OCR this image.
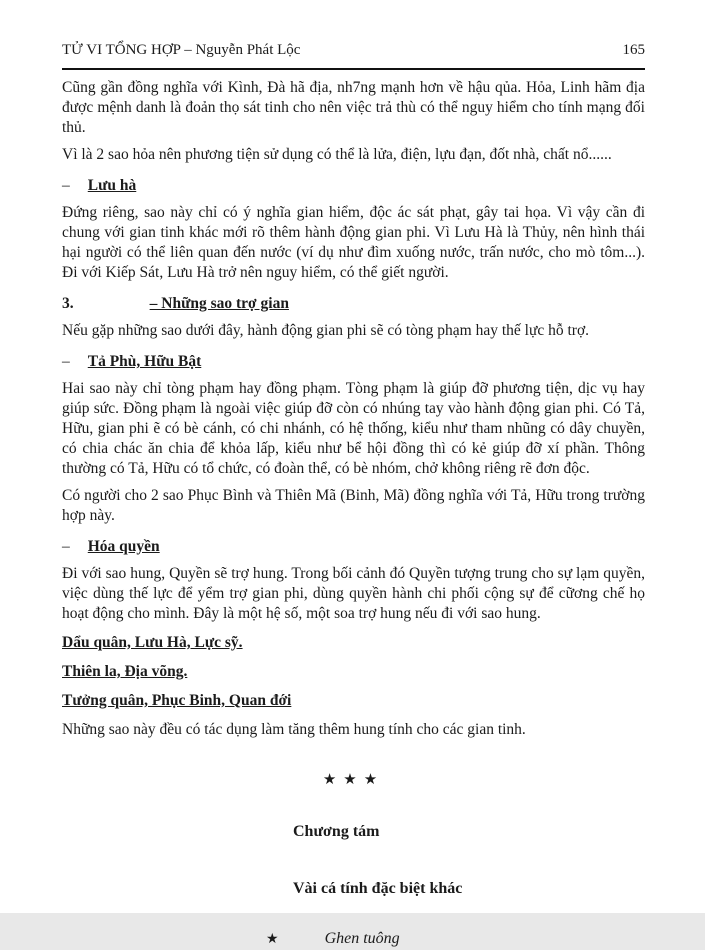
TỬ VI TỔNG HỢP – Nguyễn Phát Lộc	165

Cũng gần đồng nghĩa với Kình, Đà hã địa, nh7ng mạnh hơn về hậu qủa. Hỏa, Linh hãm địa được mệnh danh là đoản thọ sát tinh cho nên việc trả thù có thể nguy hiểm cho tính mạng đối thủ.

Vì là 2 sao hỏa nên phương tiện sử dụng có thể là lửa, điện, lựu đạn, đốt nhà, chất nổ......

– Lưu hà

Đứng riêng, sao này chỉ có ý nghĩa gian hiểm, độc ác sát phạt, gây tai họa. Vì vậy cần đi chung với gian tinh khác mới rõ thêm hành động gian phi. Vì Lưu Hà là Thủy, nên hình thái hại người có thể liên quan đến nước (ví dụ như đìm xuống nước, trấn nước, cho mò tôm...). Đi với Kiếp Sát, Lưu Hà trở nên nguy hiểm, có thể giết người.

3.	– Những sao trợ gian

Nếu gặp những sao dưới đây, hành động gian phi sẽ có tòng phạm hay thế lực hỗ trợ.

– Tả Phù, Hữu Bật

Hai sao này chỉ tòng phạm hay đồng phạm. Tòng phạm là giúp đỡ phương tiện, dịc vụ hay giúp sức. Đồng phạm là ngoài việc giúp đỡ còn có nhúng tay vào hành động gian phi. Có Tả, Hữu, gian phi ẽ có bè cánh, có chi nhánh, có hệ thống, kiểu như tham nhũng có dây chuyền, có chia chác ăn chia để khỏa lấp, kiểu như bể hội đồng thì có kẻ giúp đỡ xí phần. Thông thường có Tả, Hữu có tổ chức, có đoàn thể, có bè nhóm, chở không riêng rẽ đơn độc.

Có người cho 2 sao Phục Bình và Thiên Mã (Binh, Mã) đồng nghĩa với Tả, Hữu trong trường hợp này.

– Hóa quyền

Đi với sao hung, Quyền sẽ trợ hung. Trong bối cảnh đó Quyền tượng trung cho sự lạm quyền, việc dùng thế lực để yểm trợ gian phi, dùng quyền hành chi phối cộng sự để cữơng chế họ hoạt động cho mình. Đây là một hệ số, một soa trợ hung nếu đi với sao hung.

Dẩu quân, Lưu Hà, Lực sỹ.
Thiên la, Địa võng.
Tưởng quân, Phục Binh, Quan đới

Những sao này đều có tác dụng làm tăng thêm hung tính cho các gian tinh.

★★★
Chương tám
Vài cá tính đặc biệt khác
★	Ghen tuông
